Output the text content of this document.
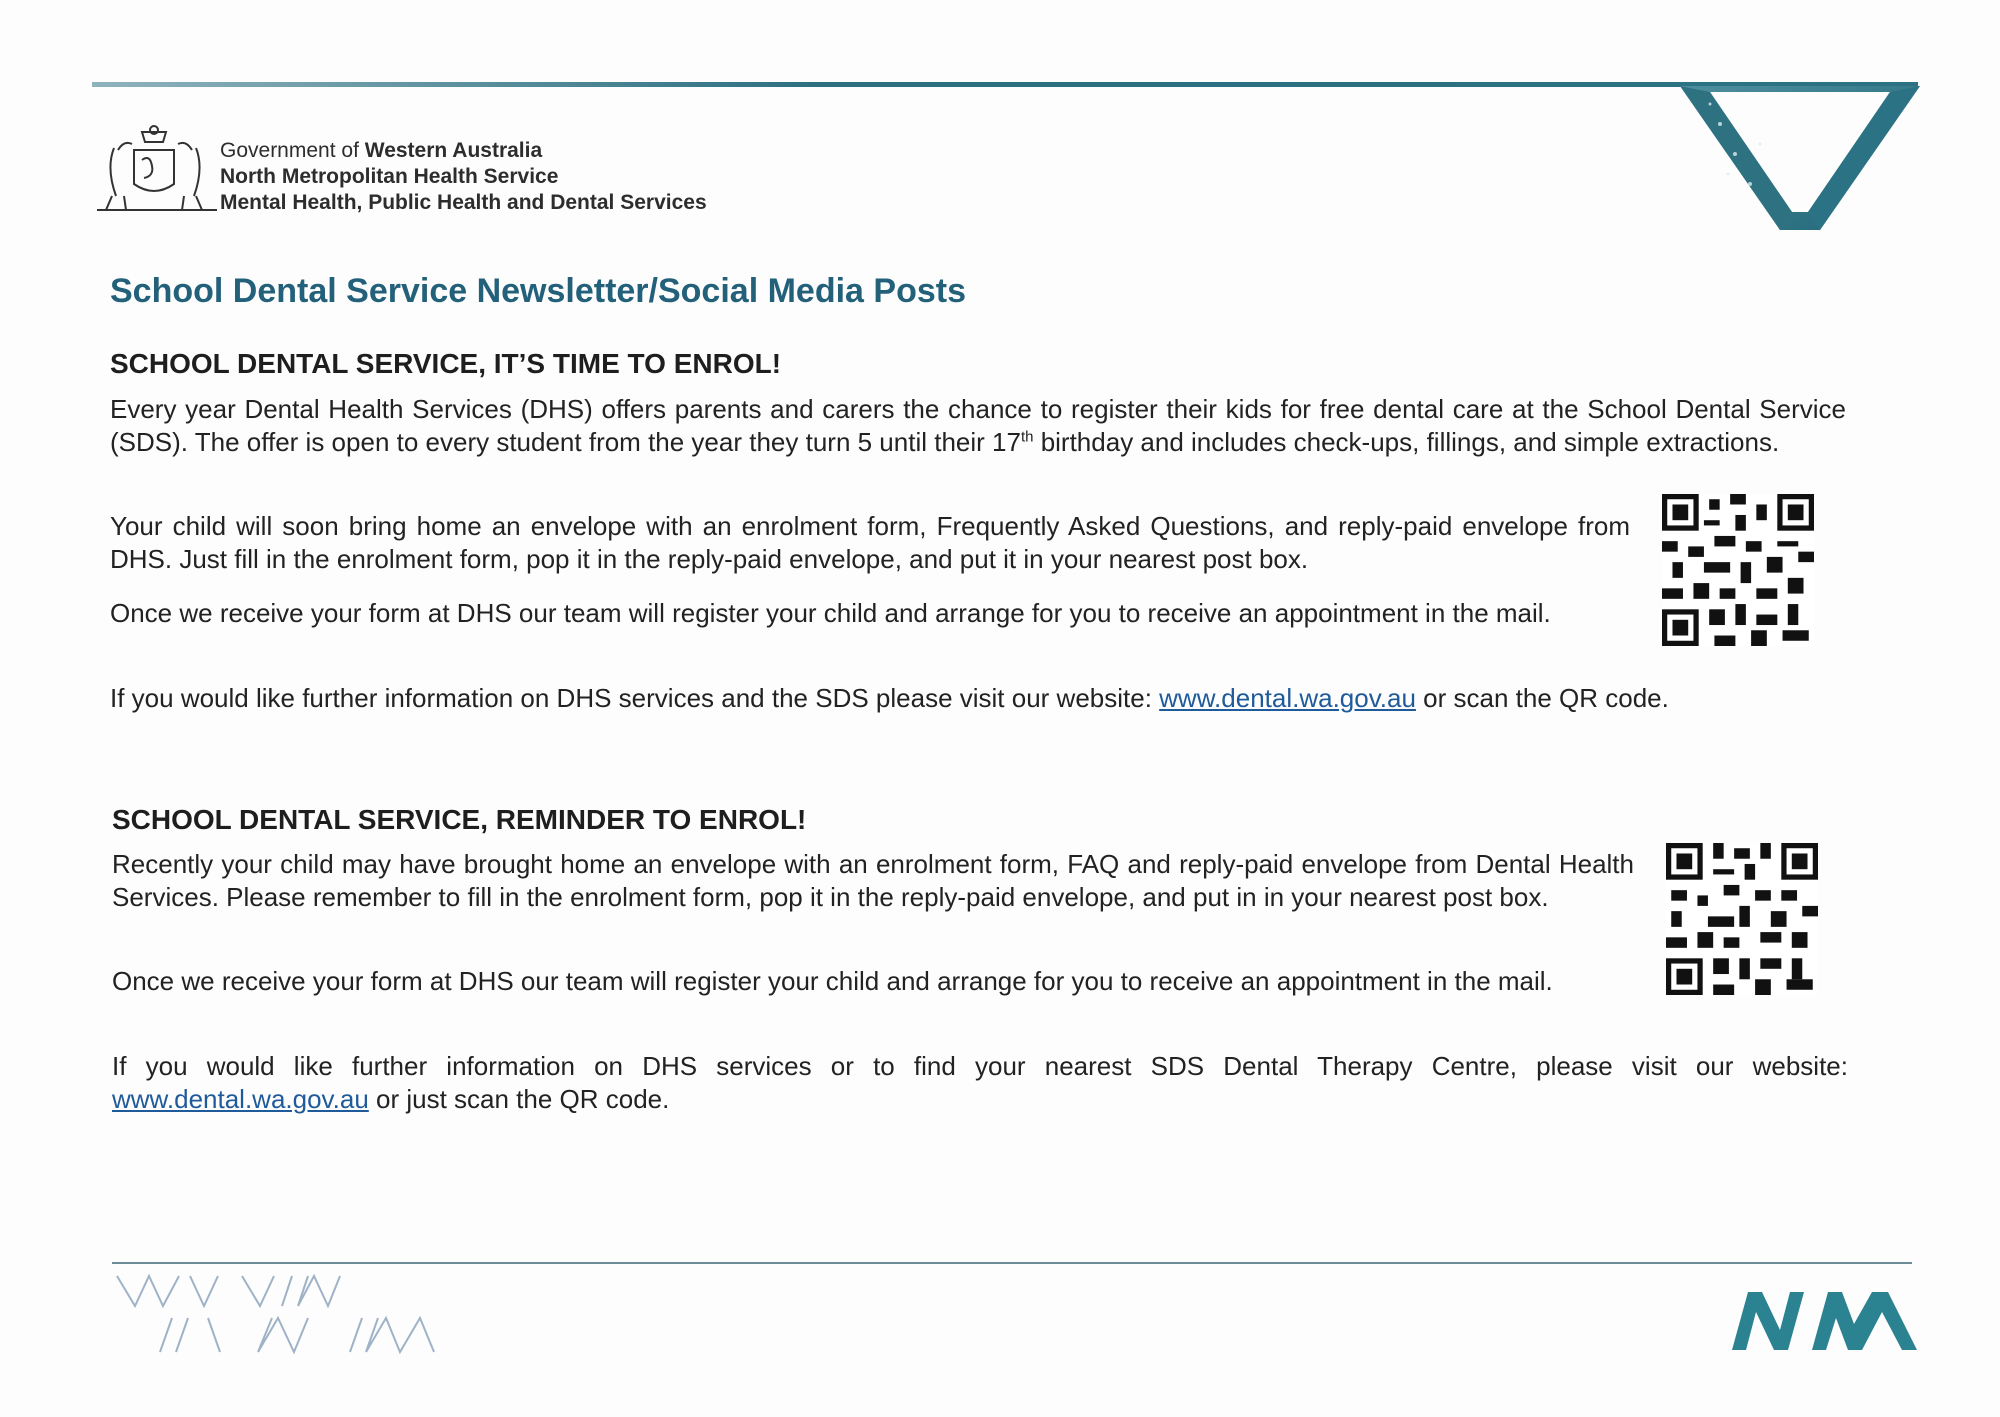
Government of Western Australia
North Metropolitan Health Service
Mental Health, Public Health and Dental Services
School Dental Service Newsletter/Social Media Posts
SCHOOL DENTAL SERVICE, IT’S TIME TO ENROL!
Every year Dental Health Services (DHS) offers parents and carers the chance to register their kids for free dental care at the School Dental Service (SDS). The offer is open to every student from the year they turn 5 until their 17th birthday and includes check-ups, fillings, and simple extractions.
Your child will soon bring home an envelope with an enrolment form, Frequently Asked Questions, and reply-paid envelope from DHS. Just fill in the enrolment form, pop it in the reply-paid envelope, and put it in your nearest post box.
Once we receive your form at DHS our team will register your child and arrange for you to receive an appointment in the mail.
If you would like further information on DHS services and the SDS please visit our website: www.dental.wa.gov.au or scan the QR code.
SCHOOL DENTAL SERVICE, REMINDER TO ENROL!
Recently your child may have brought home an envelope with an enrolment form, FAQ and reply-paid envelope from Dental Health Services. Please remember to fill in the enrolment form, pop it in the reply-paid envelope, and put in in your nearest post box.
Once we receive your form at DHS our team will register your child and arrange for you to receive an appointment in the mail.
If you would like further information on DHS services or to find your nearest SDS Dental Therapy Centre, please visit our website: www.dental.wa.gov.au or just scan the QR code.
